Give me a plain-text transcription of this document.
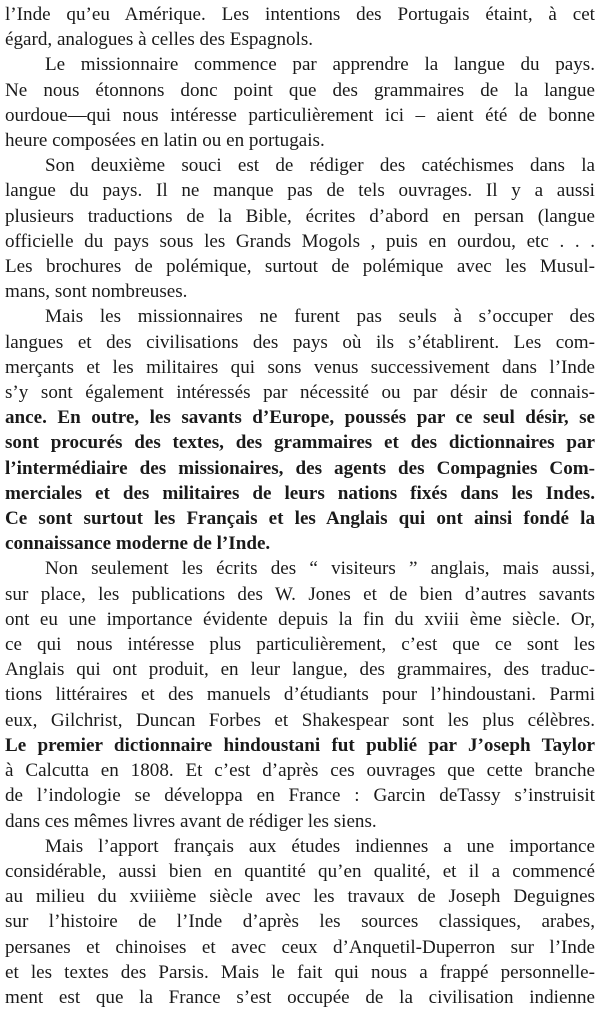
l’Inde qu’eu Amérique. Les intentions des Portugais étaint, à cet
égard, analogues à celles des Espagnols.
Le missionnaire commence par apprendre la langue du pays.
Ne nous étonnons donc point que des grammaires de la langue
ourdoue—qui nous intéresse particulièrement ici – aient été de bonne
heure composées en latin ou en portugais.
Son deuxième souci est de rédiger des catéchismes dans la
langue du pays. Il ne manque pas de tels ouvrages. Il y a aussi
plusieurs traductions de la Bible, écrites d’abord en persan (langue
officielle du pays sous les Grands Mogols , puis en ourdou, etc . . .
Les brochures de polémique, surtout de polémique avec les Musul-
mans, sont nombreuses.
Mais les missionnaires ne furent pas seuls à s’occuper des
langues et des civilisations des pays où ils s’établirent. Les com-
merçants et les militaires qui sons venus successivement dans l’Inde
s’y sont également intéressés par nécessité ou par désir de connais-
ance. En outre, les savants d’Europe, poussés par ce seul désir, se
sont procurés des textes, des grammaires et des dictionnaires par
l’intermédiaire des missionaires, des agents des Compagnies Com-
merciales et des militaires de leurs nations fixés dans les Indes.
Ce sont surtout les Français et les Anglais qui ont ainsi fondé la
connaissance moderne de l’Inde.
Non seulement les écrits des “ visiteurs ” anglais, mais aussi,
sur place, les publications des W. Jones et de bien d’autres savants
ont eu une importance évidente depuis la fin du xviii ème siècle. Or,
ce qui nous intéresse plus particulièrement, c’est que ce sont les
Anglais qui ont produit, en leur langue, des grammaires, des traduc-
tions littéraires et des manuels d’étudiants pour l’hindoustani. Parmi
eux, Gilchrist, Duncan Forbes et Shakespear sont les plus célèbres.
Le premier dictionnaire hindoustani fut publié par J’oseph Taylor
à Calcutta en 1808. Et c’est d’après ces ouvrages que cette branche
de l’indologie se développa en France : Garcin deTassy s’instruisit
dans ces mêmes livres avant de rédiger les siens.
Mais l’apport français aux études indiennes a une importance
considérable, aussi bien en quantité qu’en qualité, et il a commencé
au milieu du xviiième siècle avec les travaux de Joseph Deguignes
sur l’histoire de l’Inde d’après les sources classiques, arabes,
persanes et chinoises et avec ceux d’Anquetil-Duperron sur l’Inde
et les textes des Parsis. Mais le fait qui nous a frappé personnelle-
ment est que la France s’est occupée de la civilisation indienne
